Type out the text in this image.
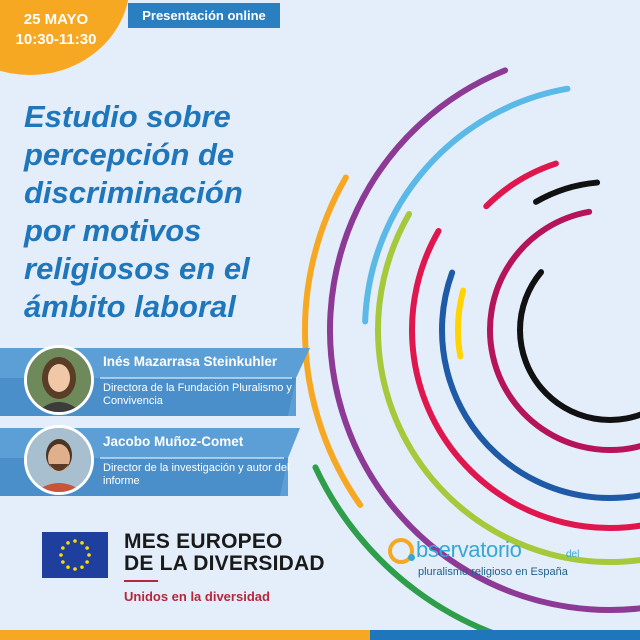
25 MAYO
10:30-11:30
Presentación online
Estudio sobre
percepción de
discriminación
por motivos
religiosos en el
ámbito laboral
Inés Mazarrasa Steinkuhler
Directora de la Fundación Pluralismo y Convivencia
Jacobo Muñoz-Comet
Director de la investigación y autor del informe
MES EUROPEO
DE LA DIVERSIDAD
Unidos en la diversidad
bservatorio	del
pluralismo religioso en España
